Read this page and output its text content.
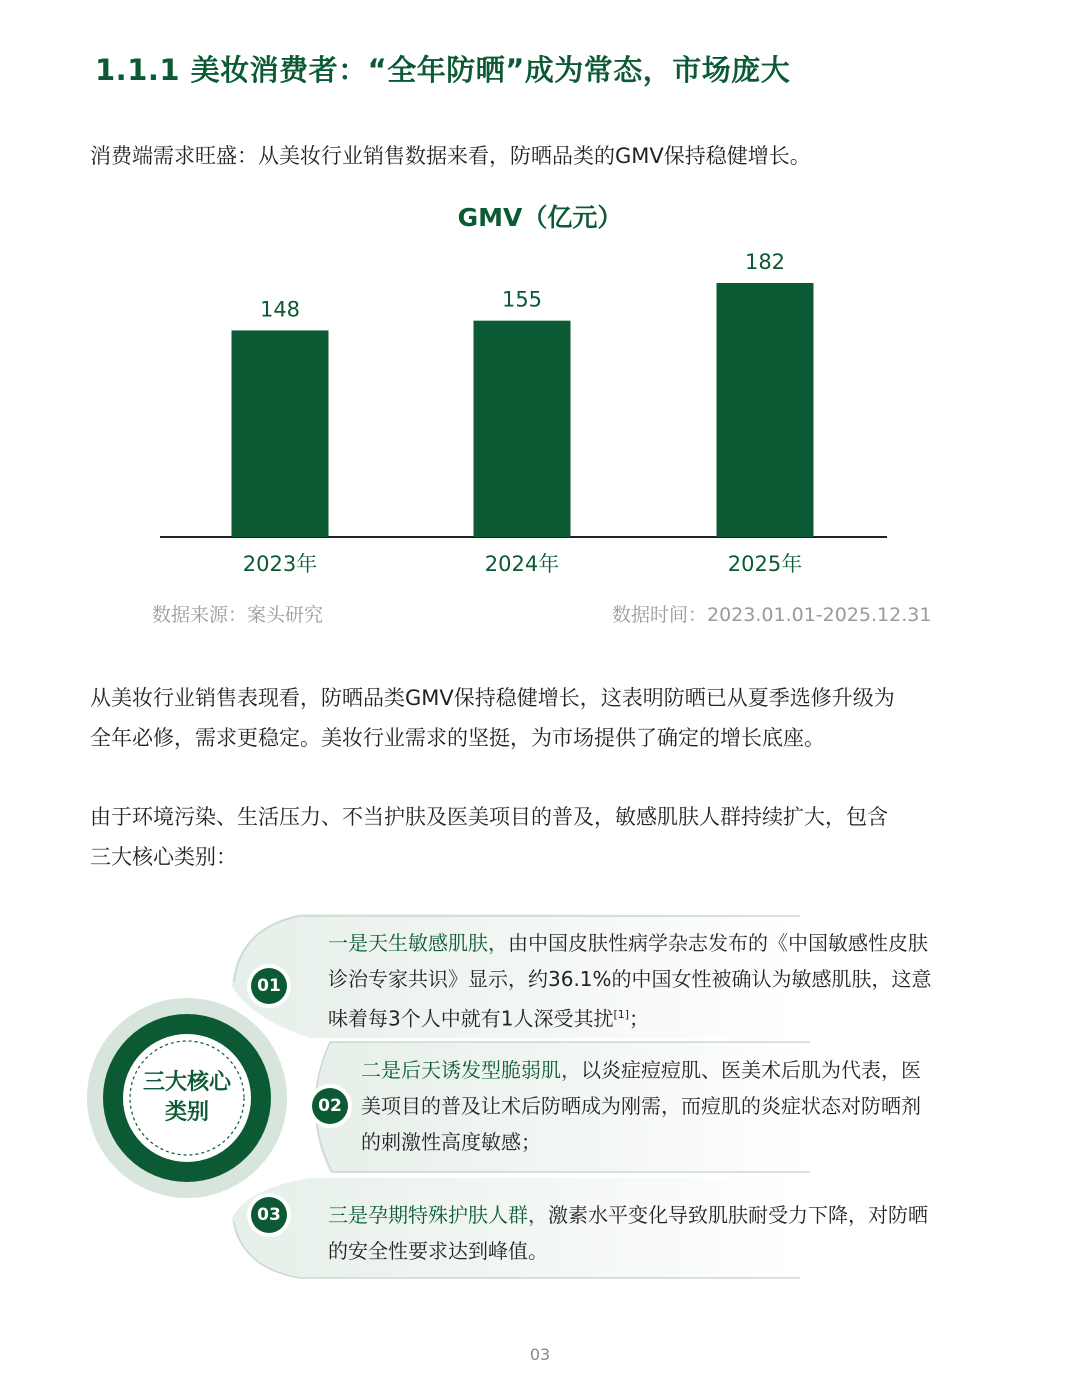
1.1.1 美妆消费者：“全年防晒”成为常态，市场庞大
消费端需求旺盛：从美妆行业销售数据来看，防晒品类的GMV保持稳健增长。
GMV（亿元）
148
2023年
155
2024年
182
2025年
数据来源：案头研究	数据时间：2023.01.01-2025.12.31
从美妆行业销售表现看，防晒品类GMV保持稳健增长，这表明防晒已从夏季选修升级为
全年必修，需求更稳定。美妆行业需求的坚挺，为市场提供了确定的增长底座。
由于环境污染、生活压力、不当护肤及医美项目的普及，敏感肌肤人群持续扩大，包含
三大核心类别：
三大核心
类别
01
一是天生敏感肌肤，由中国皮肤性病学杂志发布的《中国敏感性皮肤
诊治专家共识》显示，约36.1%的中国女性被确认为敏感肌肤，这意
味着每3个人中就有1人深受其扰[1]；
02
二是后天诱发型脆弱肌，以炎症痘痘肌、医美术后肌为代表，医
美项目的普及让术后防晒成为刚需，而痘肌的炎症状态对防晒剂
的刺激性高度敏感；
03	三是孕期特殊护肤人群，激素水平变化导致肌肤耐受力下降，对防晒
的安全性要求达到峰值。
03
